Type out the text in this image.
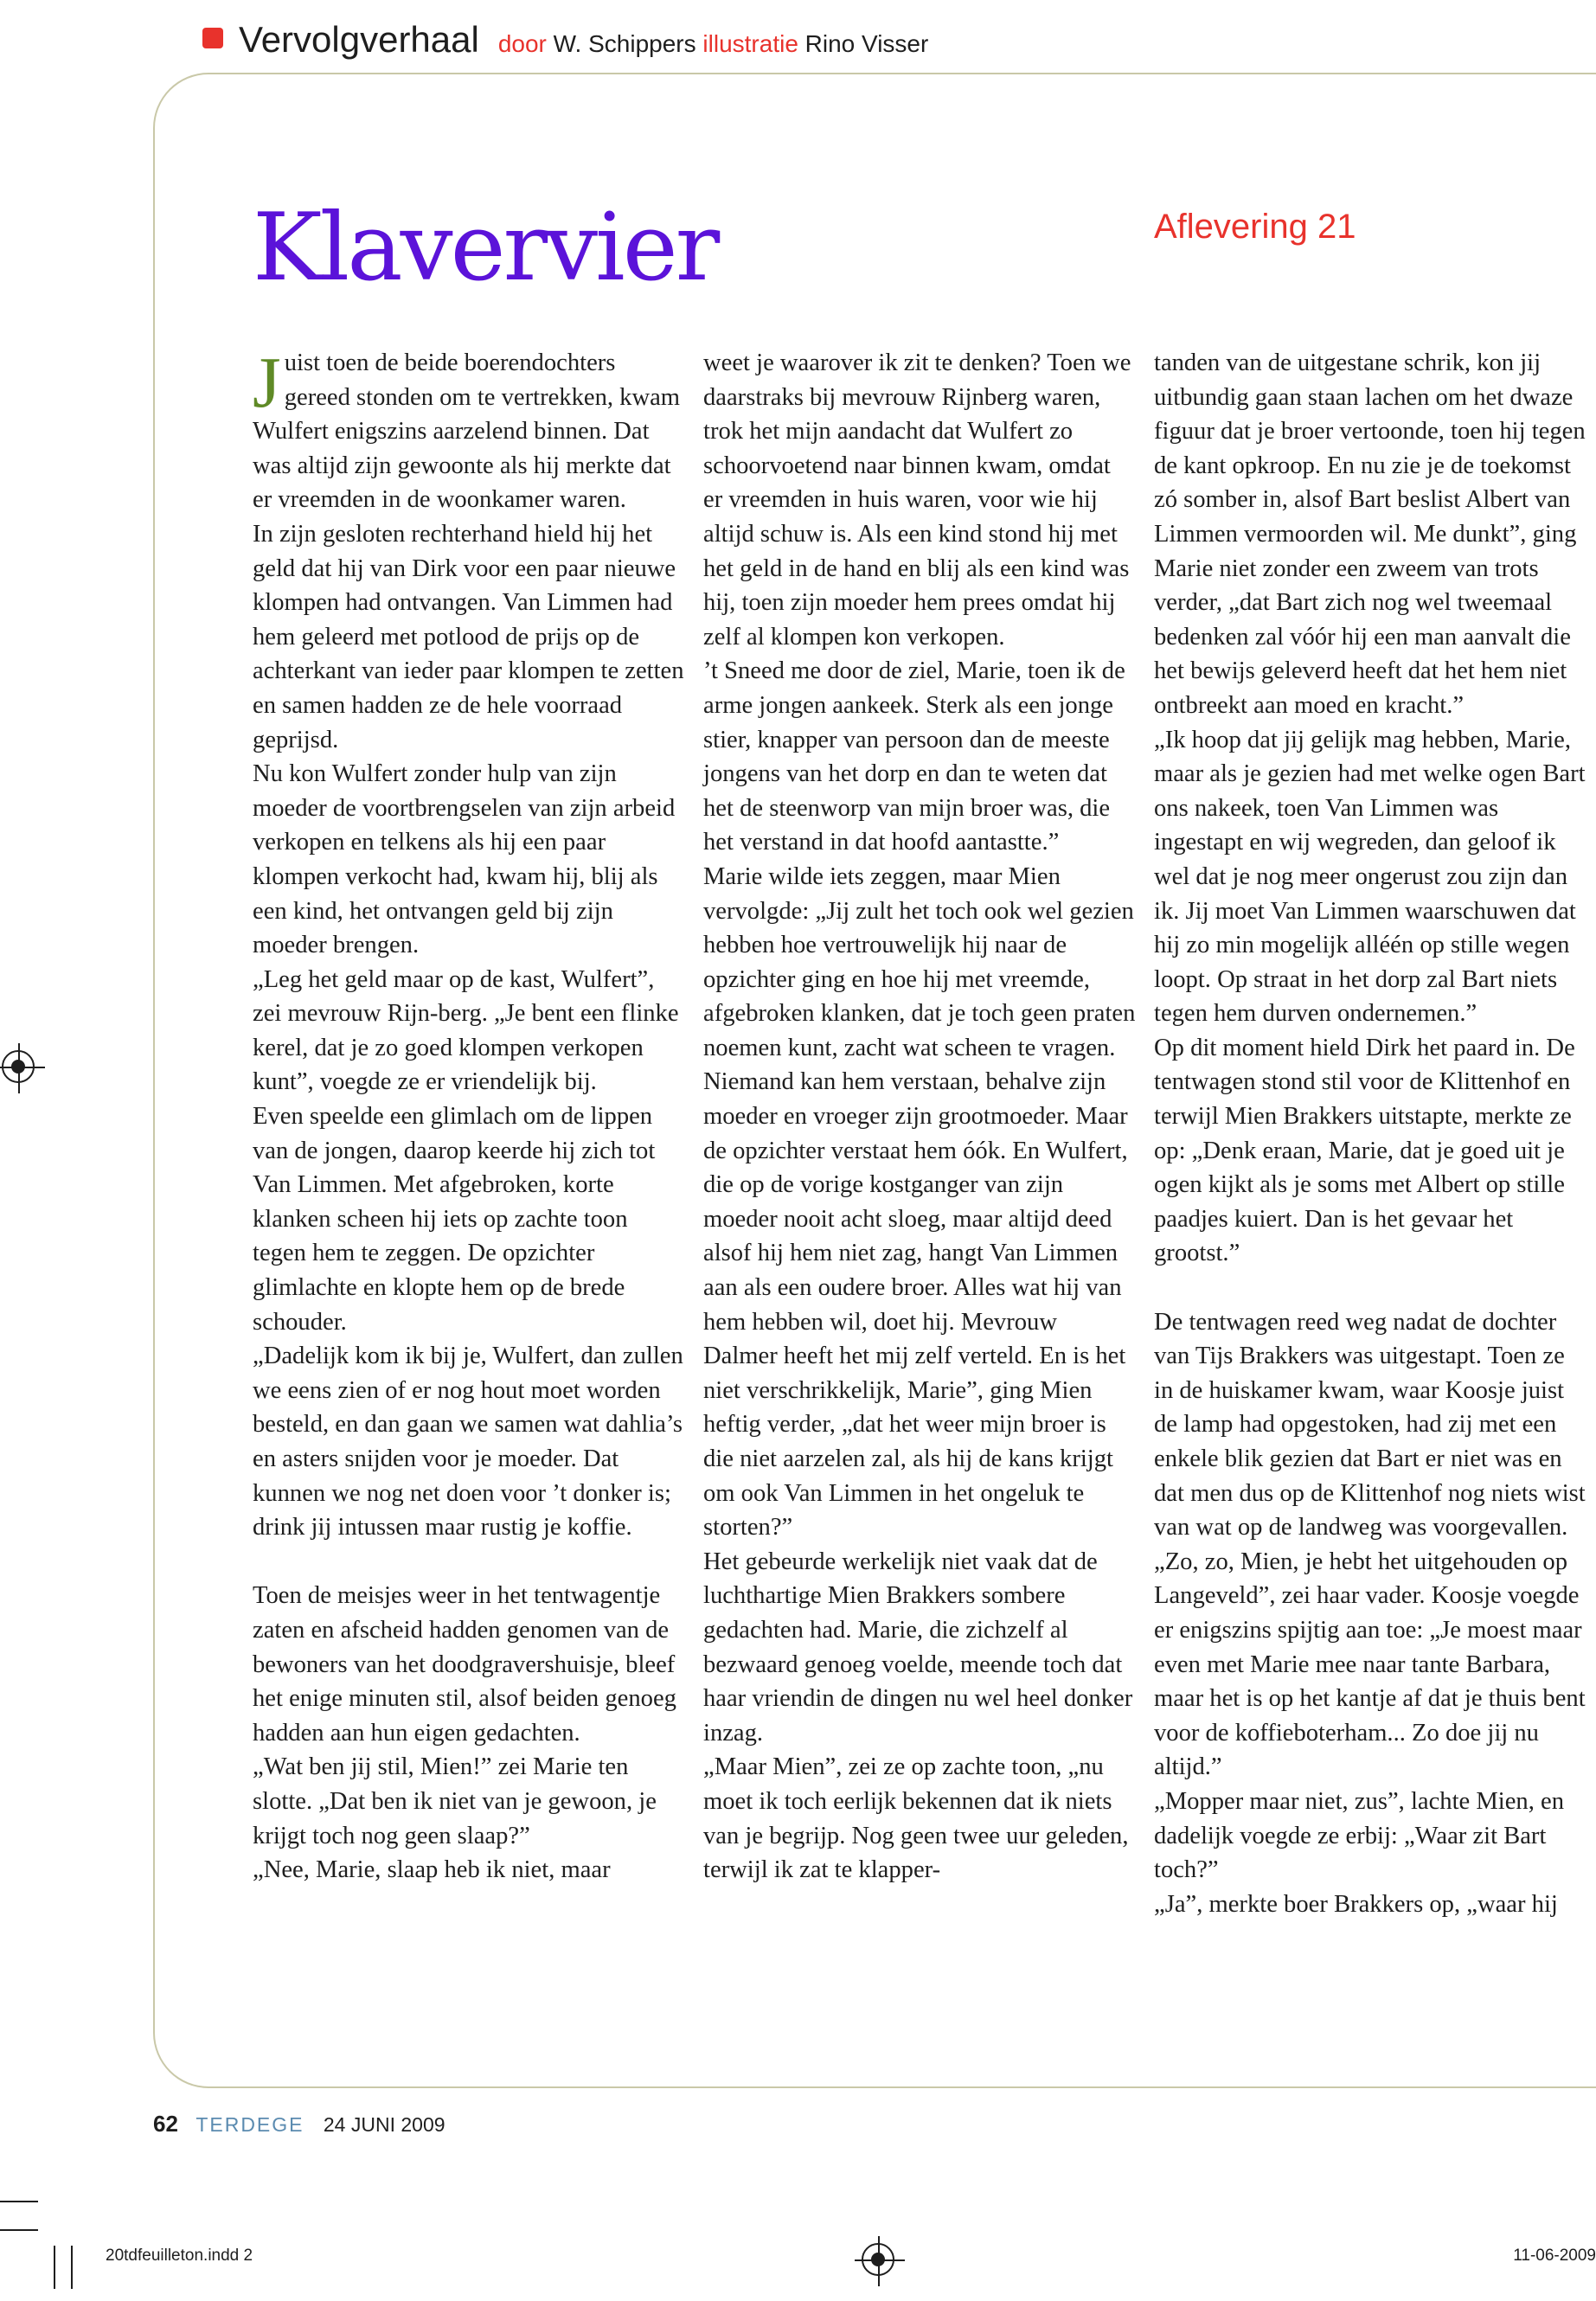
Vervolgverhaal door W. Schippers illustratie Rino Visser
Klavervier	Aflevering 21

Juist toen de beide boerendochters gereed stonden om te vertrekken, kwam Wulfert enigszins aarzelend binnen. Dat was altijd zijn gewoonte als hij merkte dat er vreemden in de woonkamer waren.

In zijn gesloten rechterhand hield hij het geld dat hij van Dirk voor een paar nieuwe klompen had ontvangen. Van Limmen had hem geleerd met potlood de prijs op de achterkant van ieder paar klompen te zetten en samen hadden ze de hele voorraad geprijsd.

Nu kon Wulfert zonder hulp van zijn moeder de voortbrengselen van zijn arbeid verkopen en telkens als hij een paar klompen verkocht had, kwam hij, blij als een kind, het ontvangen geld bij zijn moeder brengen.

„Leg het geld maar op de kast, Wulfert”, zei mevrouw Rijn-berg. „Je bent een flinke kerel, dat je zo goed klompen verkopen kunt”, voegde ze er vriendelijk bij.

Even speelde een glimlach om de lippen van de jongen, daarop keerde hij zich tot Van Limmen. Met afgebroken, korte klanken scheen hij iets op zachte toon tegen hem te zeggen. De opzichter glimlachte en klopte hem op de brede schouder.

„Dadelijk kom ik bij je, Wulfert, dan zullen we eens zien of er nog hout moet worden besteld, en dan gaan we samen wat dahlia’s en asters snijden voor je moeder. Dat kunnen we nog net doen voor ’t donker is; drink jij intussen maar rustig je koffie.

Toen de meisjes weer in het tentwagentje zaten en afscheid hadden genomen van de bewoners van het doodgravershuisje, bleef het enige minuten stil, alsof beiden genoeg hadden aan hun eigen gedachten.

„Wat ben jij stil, Mien!” zei Marie ten slotte. „Dat ben ik niet van je gewoon, je krijgt toch nog geen slaap?”

„Nee, Marie, slaap heb ik niet, maar

weet je waarover ik zit te denken? Toen we daarstraks bij mevrouw Rijnberg waren, trok het mijn aandacht dat Wulfert zo schoorvoetend naar binnen kwam, omdat er vreemden in huis waren, voor wie hij altijd schuw is. Als een kind stond hij met het geld in de hand en blij als een kind was hij, toen zijn moeder hem prees omdat hij zelf al klompen kon verkopen.

’t Sneed me door de ziel, Marie, toen ik de arme jongen aankeek. Sterk als een jonge stier, knapper van persoon dan de meeste jongens van het dorp en dan te weten dat het de steenworp van mijn broer was, die het verstand in dat hoofd aantastte.”

Marie wilde iets zeggen, maar Mien vervolgde: „Jij zult het toch ook wel gezien hebben hoe vertrouwelijk hij naar de opzichter ging en hoe hij met vreemde, afgebroken klanken, dat je toch geen praten noemen kunt, zacht wat scheen te vragen. Niemand kan hem verstaan, behalve zijn moeder en vroeger zijn grootmoeder. Maar de opzichter verstaat hem óók. En Wulfert, die op de vorige kostganger van zijn moeder nooit acht sloeg, maar altijd deed alsof hij hem niet zag, hangt Van Limmen aan als een oudere broer. Alles wat hij van hem hebben wil, doet hij. Mevrouw Dalmer heeft het mij zelf verteld. En is het niet verschrikkelijk, Marie”, ging Mien heftig verder, „dat het weer mijn broer is die niet aarzelen zal, als hij de kans krijgt om ook Van Limmen in het ongeluk te storten?”

Het gebeurde werkelijk niet vaak dat de luchthartige Mien Brakkers sombere gedachten had. Marie, die zichzelf al bezwaard genoeg voelde, meende toch dat haar vriendin de dingen nu wel heel donker inzag.

„Maar Mien”, zei ze op zachte toon, „nu moet ik toch eerlijk bekennen dat ik niets van je begrijp. Nog geen twee uur geleden, terwijl ik zat te klapper-

tanden van de uitgestane schrik, kon jij uitbundig gaan staan lachen om het dwaze figuur dat je broer vertoonde, toen hij tegen de kant opkroop. En nu zie je de toekomst zó somber in, alsof Bart beslist Albert van Limmen vermoorden wil. Me dunkt”, ging Marie niet zonder een zweem van trots verder, „dat Bart zich nog wel tweemaal bedenken zal vóór hij een man aanvalt die het bewijs geleverd heeft dat het hem niet ontbreekt aan moed en kracht.”

„Ik hoop dat jij gelijk mag hebben, Marie, maar als je gezien had met welke ogen Bart ons nakeek, toen Van Limmen was ingestapt en wij wegreden, dan geloof ik wel dat je nog meer ongerust zou zijn dan ik. Jij moet Van Limmen waarschuwen dat hij zo min mogelijk alléén op stille wegen loopt. Op straat in het dorp zal Bart niets tegen hem durven ondernemen.”

Op dit moment hield Dirk het paard in. De tentwagen stond stil voor de Klittenhof en terwijl Mien Brakkers uitstapte, merkte ze op: „Denk eraan, Marie, dat je goed uit je ogen kijkt als je soms met Albert op stille paadjes kuiert. Dan is het gevaar het grootst.”

De tentwagen reed weg nadat de dochter van Tijs Brakkers was uitgestapt. Toen ze in de huiskamer kwam, waar Koosje juist de lamp had opgestoken, had zij met een enkele blik gezien dat Bart er niet was en dat men dus op de Klittenhof nog niets wist van wat op de landweg was voorgevallen.

„Zo, zo, Mien, je hebt het uitgehouden op Langeveld”, zei haar vader. Koosje voegde er enigszins spijtig aan toe: „Je moest maar even met Marie mee naar tante Barbara, maar het is op het kantje af dat je thuis bent voor de koffieboterham... Zo doe jij nu altijd.”

„Mopper maar niet, zus”, lachte Mien, en dadelijk voegde ze erbij: „Waar zit Bart toch?”

„Ja”, merkte boer Brakkers op, „waar hij

62 TERDEGE 24 JUNI 2009
20tdfeuilleton.indd 2	11-06-2009
